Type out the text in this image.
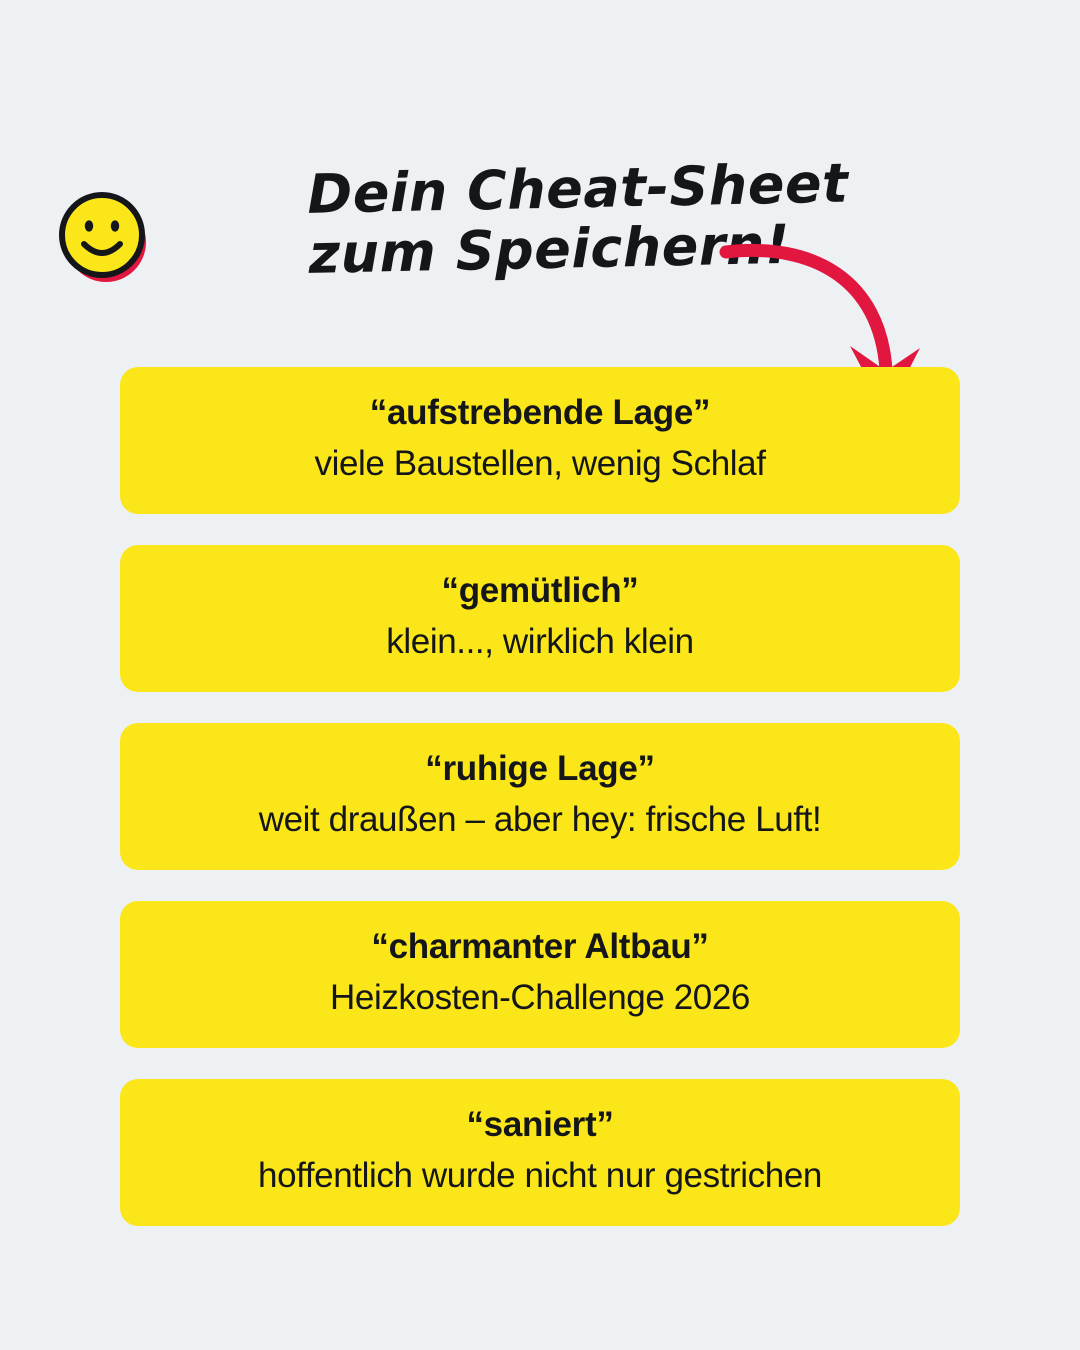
Dein Cheat-Sheet
zum Speichern!
“aufstrebende Lage”
viele Baustellen, wenig Schlaf
“gemütlich”
klein..., wirklich klein
“ruhige Lage”
weit draußen – aber hey: frische Luft!
“charmanter Altbau”
Heizkosten-Challenge 2026
“saniert”
hoffentlich wurde nicht nur gestrichen
